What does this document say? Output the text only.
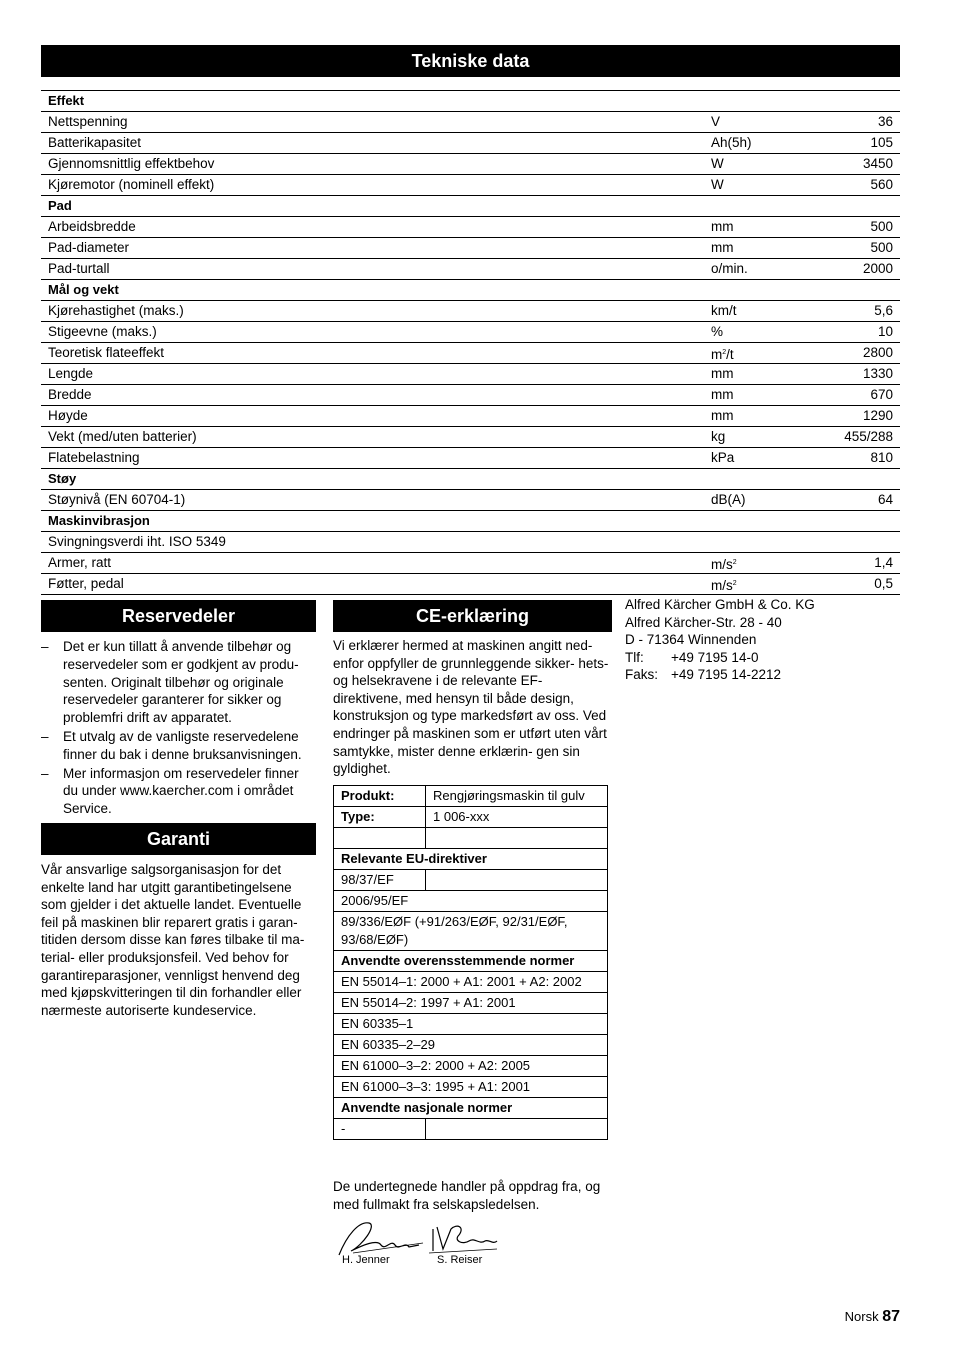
Tekniske data
Effekt
Nettspenning	V	36
Batterikapasitet	Ah(5h)	105
Gjennomsnittlig effektbehov	W	3450
Kjøremotor (nominell effekt)	W	560
Pad
Arbeidsbredde	mm	500
Pad-diameter	mm	500
Pad-turtall	o/min.	2000
Mål og vekt
Kjørehastighet (maks.)	km/t	5,6
Stigeevne (maks.)	%	10
Teoretisk flateeffekt	$m^2/t$	2800
Lengde	mm	1330
Bredde	mm	670
Høyde	mm	1290
Vekt (med/uten batterier)	kg	455/288
Flatebelastning	kPa	810
Støy
Støynivå (EN 60704-1)	dB(A)	64
Maskinvibrasjon
Svingningsverdi iht. ISO 5349
Armer, ratt	$m/s^2$	1,4
Føtter, pedal	$m/s^2$	0,5
Reservedeler
– Det er kun tillatt å anvende tilbehør og reservedeler som er godkjent av produ- senten. Originalt tilbehør og originale reservedeler garanterer for sikker og problemfri drift av apparatet.
– Et utvalg av de vanligste reservedelene finner du bak i denne bruksanvisningen.
– Mer informasjon om reservedeler finner du under www.kaercher.com i området Service.
Garanti

Vår ansvarlige salgsorganisasjon for det enkelte land har utgitt garantibetingelsene som gjelder i det aktuelle landet. Eventuelle feil på maskinen blir reparert gratis i garan- titiden dersom disse kan føres tilbake til ma- terial- eller produksjonsfeil. Ved behov for garantireparasjoner, vennligst henvend deg med kjøpskvitteringen til din forhandler eller nærmeste autoriserte kundeservice.

CE-erklæring

Vi erklærer hermed at maskinen angitt ned- enfor oppfyller de grunnleggende sikker- hets- og helsekravene i de relevante EF- direktivene, med hensyn til både design, konstruksjon og type markedsført av oss. Ved endringer på maskinen som er utført uten vårt samtykke, mister denne erklærin- gen sin gyldighet.

Produkt:	Rengjøringsmaskin til gulv
Type:	1 006-xxx

Relevante EU-direktiver	
98/37/EF	
2006/95/EF	
89/336/EØF (+91/263/EØF, 92/31/EØF, 93/68/EØF)	
Anvendte overensstemmende normer	
EN 55014–1: 2000 + A1: 2001 + A2: 2002	
EN 55014–2: 1997 + A1: 2001	
EN 60335–1	
EN 60335–2–29	
EN 61000–3–2: 2000 + A2: 2005	
EN 61000–3–3: 1995 + A1: 2001	
Anvendte nasjonale normer	
-	

De undertegnede handler på oppdrag fra, og med fullmakt fra selskapsledelsen.

H. Jenner	S. Reiser
Alfred Kärcher GmbH & Co. KG
Alfred Kärcher-Str. 28 - 40
D - 71364 Winnenden
Tlf: +49 7195 14-0
Faks: +49 7195 14-2212
Norsk 87
